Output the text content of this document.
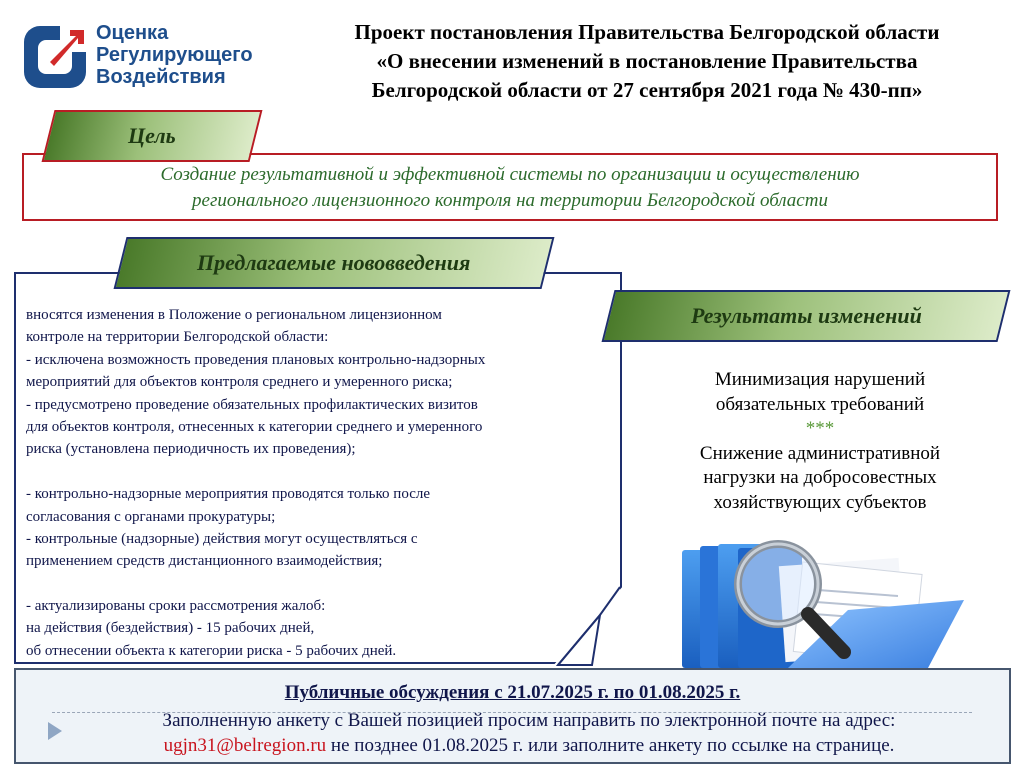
Оценка
Регулирующего
Воздействия
Проект постановления Правительства Белгородской области
«О внесении изменений в постановление Правительства
Белгородской области от 27 сентября 2021 года № 430-пп»
Создание результативной и эффективной системы по организации и осуществлению
регионального лицензионного контроля на территории Белгородской области
Цель
Предлагаемые нововведения
вносятся изменения в Положение о региональном лицензионном
контроле на территории Белгородской области:
- исключена возможность проведения плановых контрольно-надзорных
мероприятий для объектов контроля среднего и умеренного риска;
- предусмотрено проведение обязательных профилактических визитов
для объектов контроля, отнесенных к категории среднего и умеренного
риска (установлена периодичность их проведения);
- контрольно-надзорные мероприятия проводятся только после
согласования с органами прокуратуры;
- контрольные (надзорные) действия могут осуществляться с
применением средств дистанционного взаимодействия;
- актуализированы сроки рассмотрения жалоб:
на действия (бездействия) - 15 рабочих дней,
об отнесении объекта к категории риска - 5 рабочих дней.
Результаты изменений
Минимизация нарушений
обязательных требований
***
Снижение административной
нагрузки на добросовестных
хозяйствующих субъектов
Публичные обсуждения с 21.07.2025 г. по 01.08.2025 г.
Заполненную анкету с Вашей позицией просим направить по электронной почте на адрес:
ugjn31@belregion.ru не позднее 01.08.2025 г. или заполните анкету по ссылке на странице.
